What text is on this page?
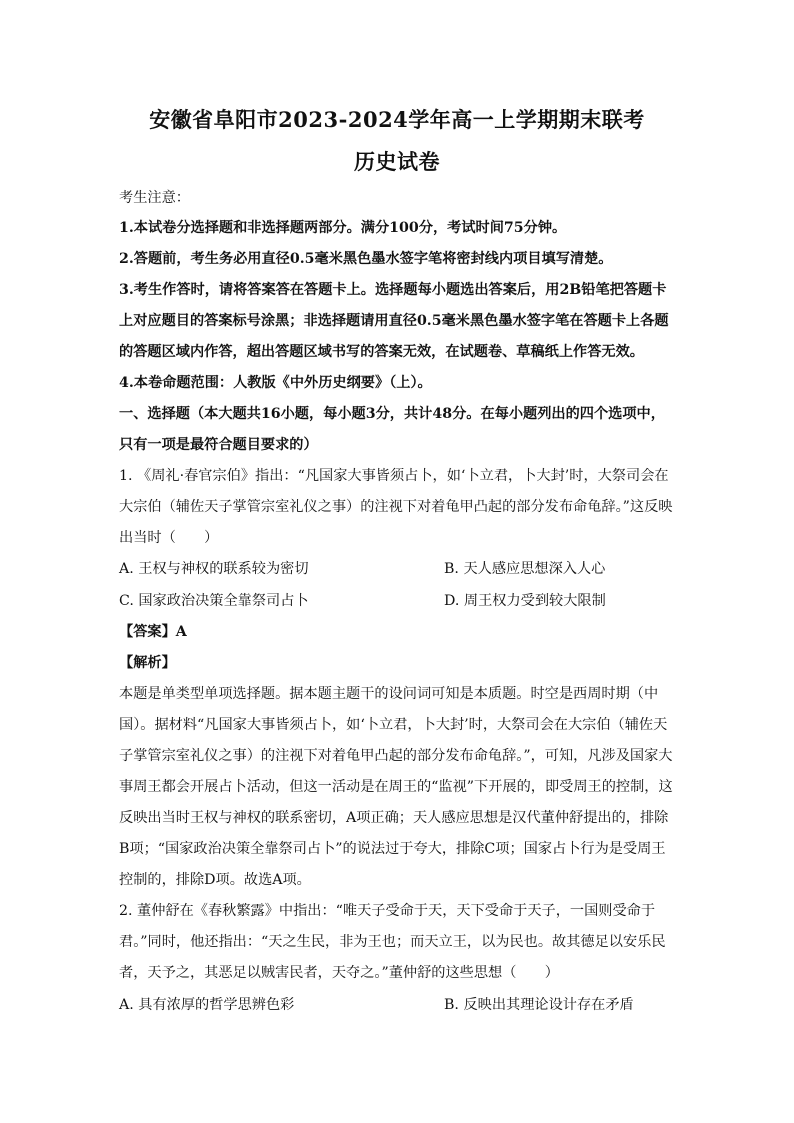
安徽省阜阳市2023-2024学年高一上学期期末联考
历史试卷
考生注意：
1.本试卷分选择题和非选择题两部分。满分100分，考试时间75分钟。
2.答题前，考生务必用直径0.5毫米黑色墨水签字笔将密封线内项目填写清楚。
3.考生作答时，请将答案答在答题卡上。选择题每小题选出答案后，用2B铅笔把答题卡
上对应题目的答案标号涂黑；非选择题请用直径0.5毫米黑色墨水签字笔在答题卡上各题
的答题区域内作答，超出答题区域书写的答案无效，在试题卷、草稿纸上作答无效。
4.本卷命题范围：人教版《中外历史纲要》（上）。
一、选择题（本大题共16小题，每小题3分，共计48分。在每小题列出的四个选项中，
只有一项是最符合题目要求的）
1. 《周礼·春官宗伯》指出：“凡国家大事皆须占卜，如‘卜立君，卜大封’时，大祭司会在
大宗伯（辅佐天子掌管宗室礼仪之事）的注视下对着龟甲凸起的部分发布命龟辞。”这反映
出当时（　　）
A. 王权与神权的联系较为密切	B. 天人感应思想深入人心
C. 国家政治决策全靠祭司占卜	D. 周王权力受到较大限制
【答案】A
【解析】
本题是单类型单项选择题。据本题主题干的设问词可知是本质题。时空是西周时期（中
国）。据材料“凡国家大事皆须占卜，如‘卜立君，卜大封’时，大祭司会在大宗伯（辅佐天
子掌管宗室礼仪之事）的注视下对着龟甲凸起的部分发布命龟辞。”，可知，凡涉及国家大
事周王都会开展占卜活动，但这一活动是在周王的“监视”下开展的，即受周王的控制，这
反映出当时王权与神权的联系密切，A项正确；天人感应思想是汉代董仲舒提出的，排除
B项；“国家政治决策全靠祭司占卜”的说法过于夸大，排除C项；国家占卜行为是受周王
控制的，排除D项。故选A项。
2. 董仲舒在《春秋繁露》中指出：“唯天子受命于天，天下受命于天子，一国则受命于
君。”同时，他还指出：“天之生民，非为王也；而天立王，以为民也。故其德足以安乐民
者，天予之，其恶足以贼害民者，天夺之。”董仲舒的这些思想（　　）
A. 具有浓厚的哲学思辨色彩	B. 反映出其理论设计存在矛盾
